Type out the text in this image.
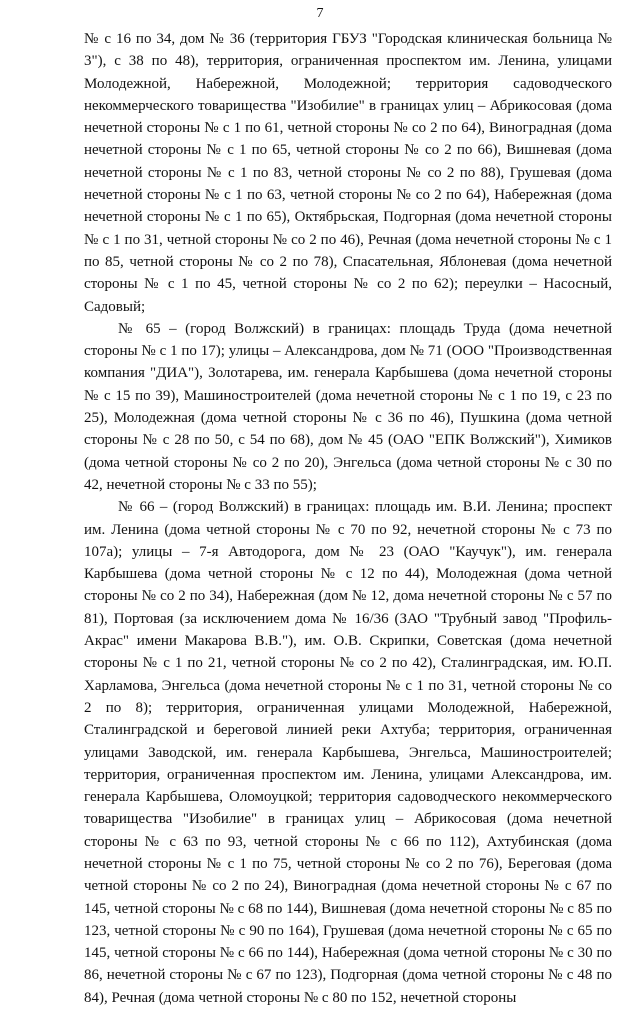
7

№ с 16 по 34, дом № 36 (территория ГБУЗ "Городская клиническая больница № 3"), с 38 по 48), территория, ограниченная проспектом им. Ленина, улицами Молодежной, Набережной, Молодежной; территория садоводческого некоммерческого товарищества "Изобилие" в границах улиц – Абрикосовая (дома нечетной стороны № с 1 по 61, четной стороны № со 2 по 64), Виноградная (дома нечетной стороны № с 1 по 65, четной стороны № со 2 по 66), Вишневая (дома нечетной стороны № с 1 по 83, четной стороны № со 2 по 88), Грушевая (дома нечетной стороны № с 1 по 63, четной стороны № со 2 по 64), Набережная (дома нечетной стороны № с 1 по 65), Октябрьская, Подгорная (дома нечетной стороны № с 1 по 31, четной стороны № со 2 по 46), Речная (дома нечетной стороны № с 1 по 85, четной стороны № со 2 по 78), Спасательная, Яблоневая (дома нечетной стороны № с 1 по 45, четной стороны № со 2 по 62); переулки – Насосный, Садовый;

№ 65 – (город Волжский) в границах: площадь Труда (дома нечетной стороны № с 1 по 17); улицы – Александрова, дом № 71 (ООО "Производственная компания "ДИА"), Золотарева, им. генерала Карбышева (дома нечетной стороны № с 15 по 39), Машиностроителей (дома нечетной стороны № с 1 по 19, с 23 по 25), Молодежная (дома четной стороны № с 36 по 46), Пушкина (дома четной стороны № с 28 по 50, с 54 по 68), дом № 45 (ОАО "ЕПК Волжский"), Химиков (дома четной стороны № со 2 по 20), Энгельса (дома четной стороны № с 30 по 42, нечетной стороны № с 33 по 55);

№ 66 – (город Волжский) в границах: площадь им. В.И. Ленина; проспект им. Ленина (дома четной стороны № с 70 по 92, нечетной стороны № с 73 по 107а); улицы – 7-я Автодорога, дом № 23 (ОАО "Каучук"), им. генерала Карбышева (дома четной стороны № с 12 по 44), Молодежная (дома четной стороны № со 2 по 34), Набережная (дом № 12, дома нечетной стороны № с 57 по 81), Портовая (за исключением дома № 16/36 (ЗАО "Трубный завод "Профиль-Акрас" имени Макарова В.В."), им. О.В. Скрипки, Советская (дома нечетной стороны № с 1 по 21, четной стороны № со 2 по 42), Сталинградская, им. Ю.П. Харламова, Энгельса (дома нечетной стороны № с 1 по 31, четной стороны № со 2 по 8); территория, ограниченная улицами Молодежной, Набережной, Сталинградской и береговой линией реки Ахтуба; территория, ограниченная улицами Заводской, им. генерала Карбышева, Энгельса, Машиностроителей; территория, ограниченная проспектом им. Ленина, улицами Александрова, им. генерала Карбышева, Оломоуцкой; территория садоводческого некоммерческого товарищества "Изобилие" в границах улиц – Абрикосовая (дома нечетной стороны № с 63 по 93, четной стороны № с 66 по 112), Ахтубинская (дома нечетной стороны № с 1 по 75, четной стороны № со 2 по 76), Береговая (дома четной стороны № со 2 по 24), Виноградная (дома нечетной стороны № с 67 по 145, четной стороны № с 68 по 144), Вишневая (дома нечетной стороны № с 85 по 123, четной стороны № с 90 по 164), Грушевая (дома нечетной стороны № с 65 по 145, четной стороны № с 66 по 144), Набережная (дома четной стороны № с 30 по 86, нечетной стороны № с 67 по 123), Подгорная (дома четной стороны № с 48 по 84), Речная (дома четной стороны № с 80 по 152, нечетной стороны
